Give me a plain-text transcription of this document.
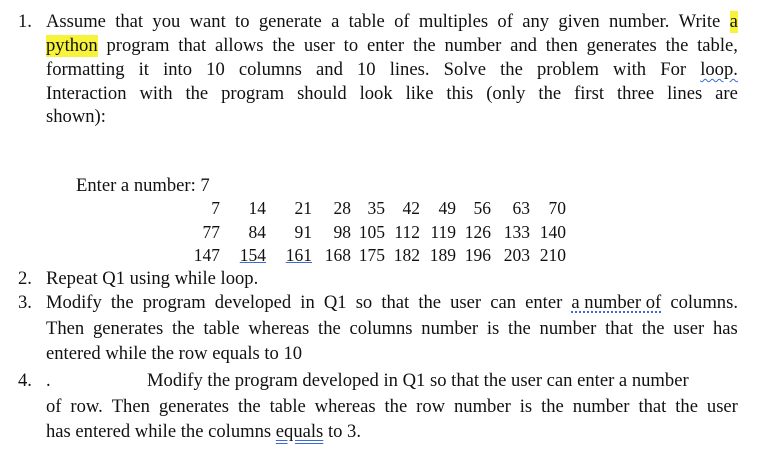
1. Assume that you want to generate a table of multiples of any given number. Write a
python program that allows the user to enter the number and then generates the table,
formatting it into 10 columns and 10 lines. Solve the problem with For loop.
Interaction with the program should look like this (only the first three lines are
shown):
Enter a number: 7
7 14 21 28 35 42 49 56 63 70
77 84 91 98 105 112 119 126 133 140
147 154 161 168 175 182 189 196 203 210
2. Repeat Q1 using while loop.
3. Modify the program developed in Q1 so that the user can enter a number of columns.
Then generates the table whereas the columns number is the number that the user has
entered while the row equals to 10
4. .	Modify the program developed in Q1 so that the user can enter a number
of row. Then generates the table whereas the row number is the number that the user
has entered while the columns equals to 3.
